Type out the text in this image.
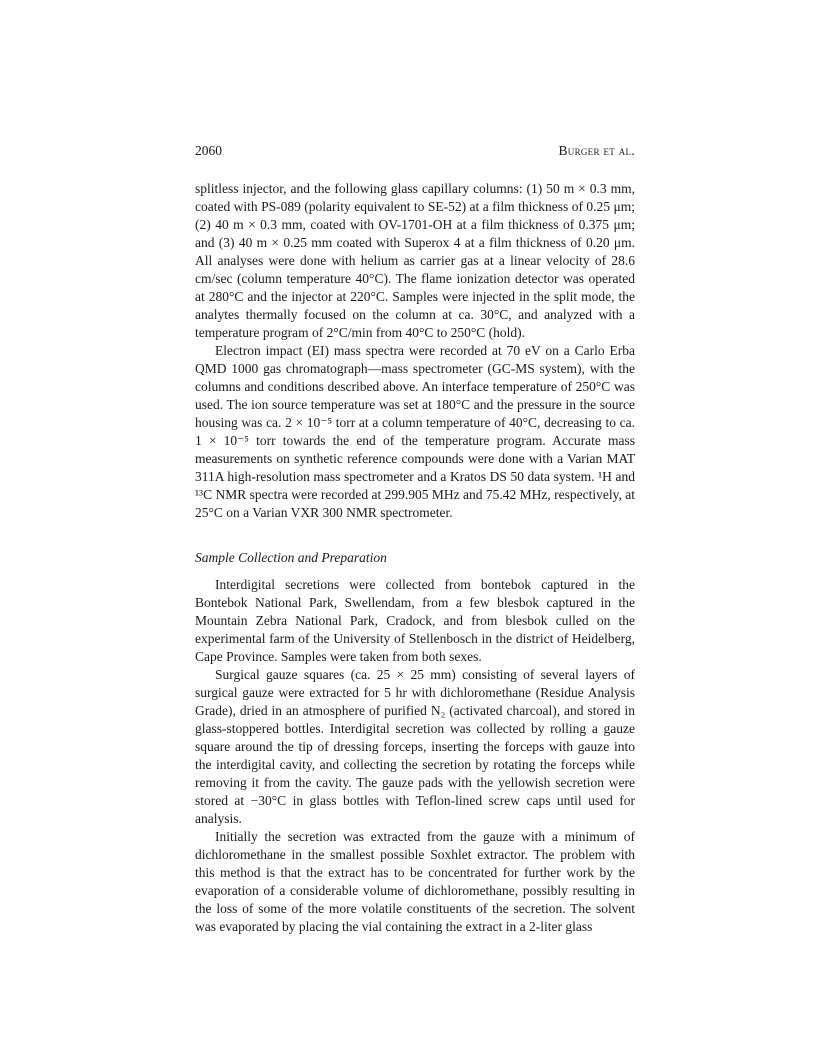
2060	Burger et al.

splitless injector, and the following glass capillary columns: (1) 50 m × 0.3 mm, coated with PS-089 (polarity equivalent to SE-52) at a film thickness of 0.25 μm; (2) 40 m × 0.3 mm, coated with OV-1701-OH at a film thickness of 0.375 μm; and (3) 40 m × 0.25 mm coated with Superox 4 at a film thickness of 0.20 μm. All analyses were done with helium as carrier gas at a linear velocity of 28.6 cm/sec (column temperature 40°C). The flame ionization detector was operated at 280°C and the injector at 220°C. Samples were injected in the split mode, the analytes thermally focused on the column at ca. 30°C, and analyzed with a temperature program of 2°C/min from 40°C to 250°C (hold).

Electron impact (EI) mass spectra were recorded at 70 eV on a Carlo Erba QMD 1000 gas chromatograph—mass spectrometer (GC-MS system), with the columns and conditions described above. An interface temperature of 250°C was used. The ion source temperature was set at 180°C and the pressure in the source housing was ca. 2 × 10⁻⁵ torr at a column temperature of 40°C, decreasing to ca. 1 × 10⁻⁵ torr towards the end of the temperature program. Accurate mass measurements on synthetic reference compounds were done with a Varian MAT 311A high-resolution mass spectrometer and a Kratos DS 50 data system. ¹H and ¹³C NMR spectra were recorded at 299.905 MHz and 75.42 MHz, respectively, at 25°C on a Varian VXR 300 NMR spectrometer.

Sample Collection and Preparation

Interdigital secretions were collected from bontebok captured in the Bontebok National Park, Swellendam, from a few blesbok captured in the Mountain Zebra National Park, Cradock, and from blesbok culled on the experimental farm of the University of Stellenbosch in the district of Heidelberg, Cape Province. Samples were taken from both sexes.

Surgical gauze squares (ca. 25 × 25 mm) consisting of several layers of surgical gauze were extracted for 5 hr with dichloromethane (Residue Analysis Grade), dried in an atmosphere of purified N₂ (activated charcoal), and stored in glass-stoppered bottles. Interdigital secretion was collected by rolling a gauze square around the tip of dressing forceps, inserting the forceps with gauze into the interdigital cavity, and collecting the secretion by rotating the forceps while removing it from the cavity. The gauze pads with the yellowish secretion were stored at −30°C in glass bottles with Teflon-lined screw caps until used for analysis.

Initially the secretion was extracted from the gauze with a minimum of dichloromethane in the smallest possible Soxhlet extractor. The problem with this method is that the extract has to be concentrated for further work by the evaporation of a considerable volume of dichloromethane, possibly resulting in the loss of some of the more volatile constituents of the secretion. The solvent was evaporated by placing the vial containing the extract in a 2-liter glass
